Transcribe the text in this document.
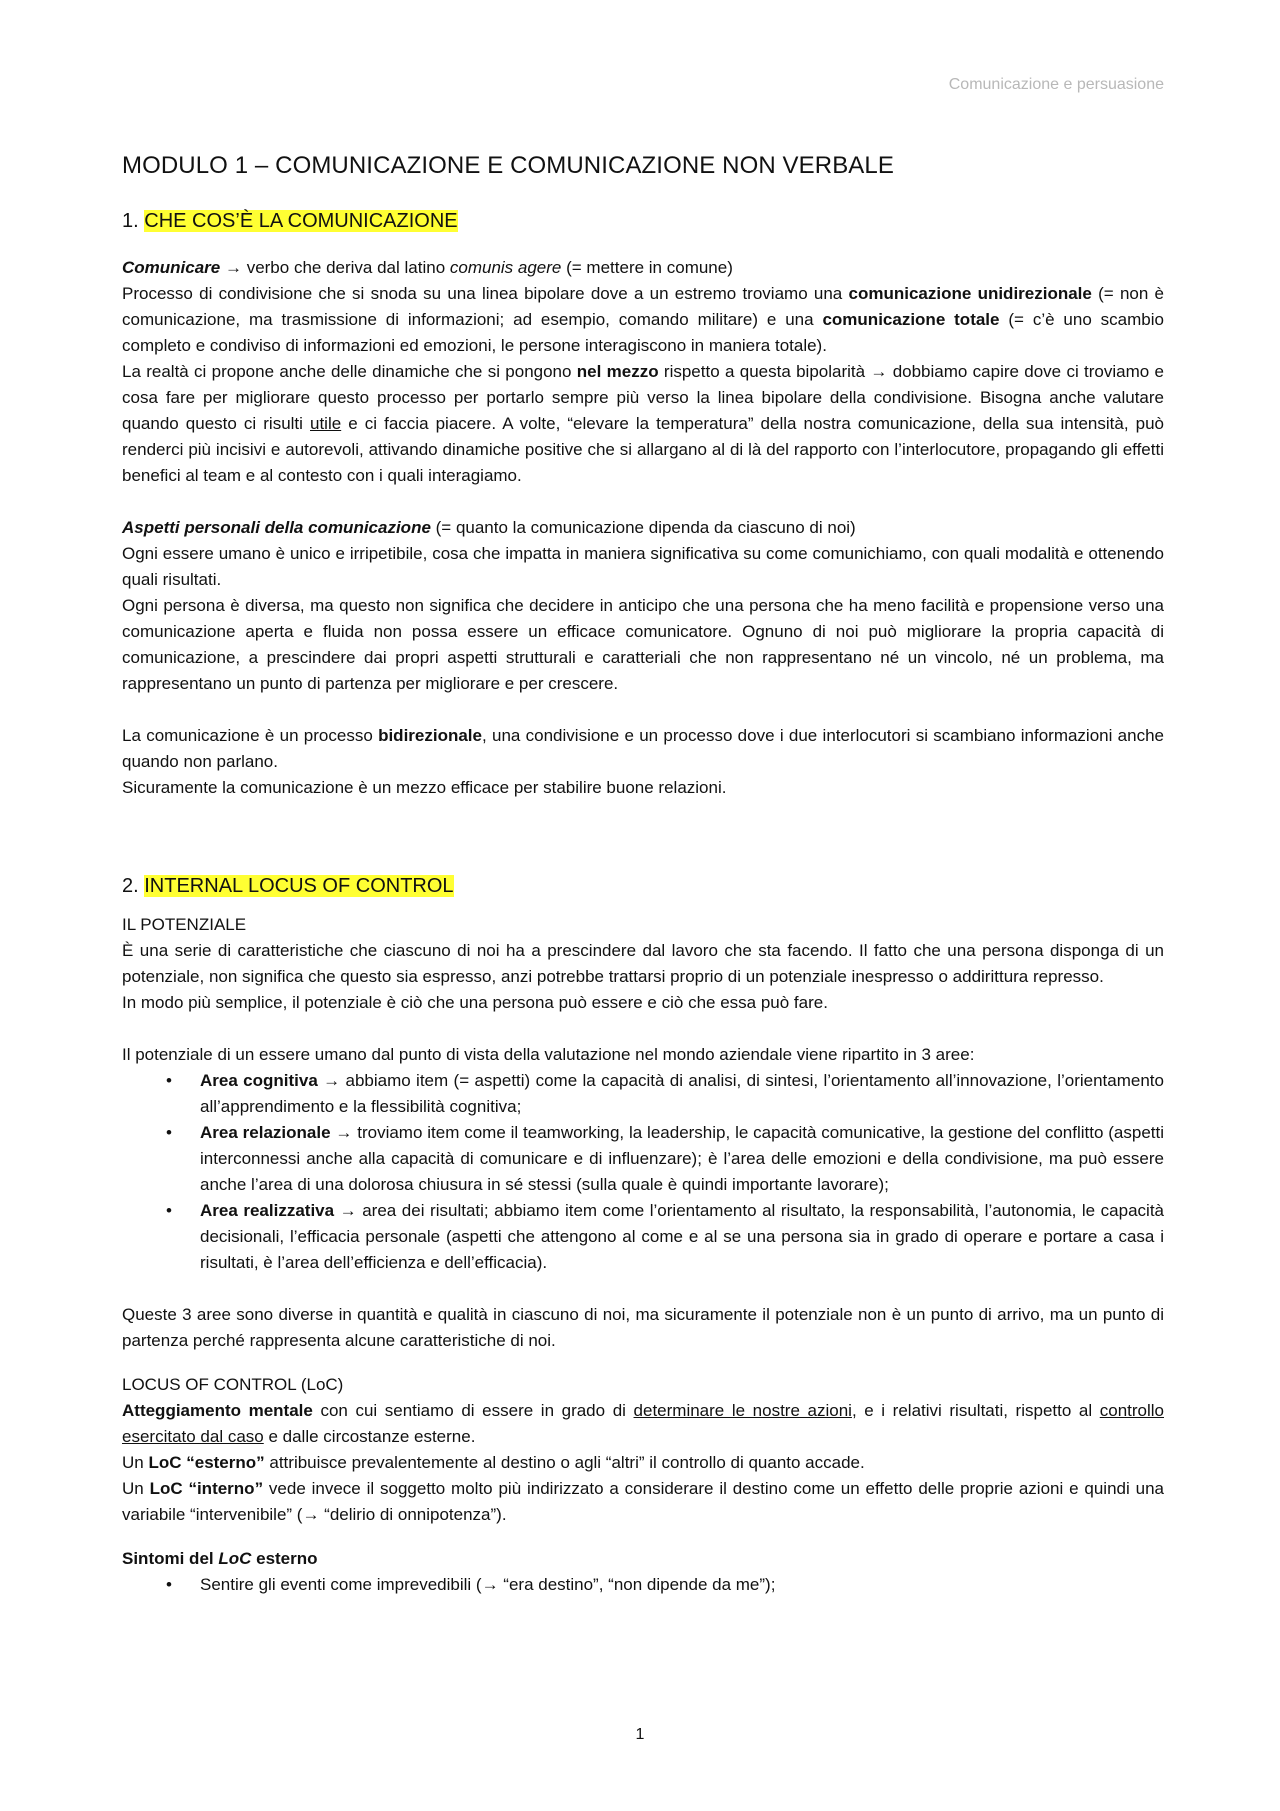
Comunicazione e persuasione
MODULO 1 – COMUNICAZIONE E COMUNICAZIONE NON VERBALE
1. CHE COS’È LA COMUNICAZIONE

Comunicare → verbo che deriva dal latino comunis agere (= mettere in comune)

Processo di condivisione che si snoda su una linea bipolare dove a un estremo troviamo una comunicazione unidirezionale (= non è comunicazione, ma trasmissione di informazioni; ad esempio, comando militare) e una comunicazione totale (= c’è uno scambio completo e condiviso di informazioni ed emozioni, le persone interagiscono in maniera totale).

La realtà ci propone anche delle dinamiche che si pongono nel mezzo rispetto a questa bipolarità → dobbiamo capire dove ci troviamo e cosa fare per migliorare questo processo per portarlo sempre più verso la linea bipolare della condivisione. Bisogna anche valutare quando questo ci risulti utile e ci faccia piacere. A volte, “elevare la temperatura” della nostra comunicazione, della sua intensità, può renderci più incisivi e autorevoli, attivando dinamiche positive che si allargano al di là del rapporto con l’interlocutore, propagando gli effetti benefici al team e al contesto con i quali interagiamo.

Aspetti personali della comunicazione (= quanto la comunicazione dipenda da ciascuno di noi)

Ogni essere umano è unico e irripetibile, cosa che impatta in maniera significativa su come comunichiamo, con quali modalità e ottenendo quali risultati.

Ogni persona è diversa, ma questo non significa che decidere in anticipo che una persona che ha meno facilità e propensione verso una comunicazione aperta e fluida non possa essere un efficace comunicatore. Ognuno di noi può migliorare la propria capacità di comunicazione, a prescindere dai propri aspetti strutturali e caratteriali che non rappresentano né un vincolo, né un problema, ma rappresentano un punto di partenza per migliorare e per crescere.

La comunicazione è un processo bidirezionale, una condivisione e un processo dove i due interlocutori si scambiano informazioni anche quando non parlano.

Sicuramente la comunicazione è un mezzo efficace per stabilire buone relazioni.

2. INTERNAL LOCUS OF CONTROL

IL POTENZIALE

È una serie di caratteristiche che ciascuno di noi ha a prescindere dal lavoro che sta facendo. Il fatto che una persona disponga di un potenziale, non significa che questo sia espresso, anzi potrebbe trattarsi proprio di un potenziale inespresso o addirittura represso.

In modo più semplice, il potenziale è ciò che una persona può essere e ciò che essa può fare.

Il potenziale di un essere umano dal punto di vista della valutazione nel mondo aziendale viene ripartito in 3 aree:

• Area cognitiva → abbiamo item (= aspetti) come la capacità di analisi, di sintesi, l’orientamento all’innovazione, l’orientamento all’apprendimento e la flessibilità cognitiva;
• Area relazionale → troviamo item come il teamworking, la leadership, le capacità comunicative, la gestione del conflitto (aspetti interconnessi anche alla capacità di comunicare e di influenzare); è l’area delle emozioni e della condivisione, ma può essere anche l’area di una dolorosa chiusura in sé stessi (sulla quale è quindi importante lavorare);
• Area realizzativa → area dei risultati; abbiamo item come l’orientamento al risultato, la responsabilità, l’autonomia, le capacità decisionali, l’efficacia personale (aspetti che attengono al come e al se una persona sia in grado di operare e portare a casa i risultati, è l’area dell’efficienza e dell’efficacia).

Queste 3 aree sono diverse in quantità e qualità in ciascuno di noi, ma sicuramente il potenziale non è un punto di arrivo, ma un punto di partenza perché rappresenta alcune caratteristiche di noi.

LOCUS OF CONTROL (LoC)

Atteggiamento mentale con cui sentiamo di essere in grado di determinare le nostre azioni, e i relativi risultati, rispetto al controllo esercitato dal caso e dalle circostanze esterne.

Un LoC “esterno” attribuisce prevalentemente al destino o agli “altri” il controllo di quanto accade.

Un LoC “interno” vede invece il soggetto molto più indirizzato a considerare il destino come un effetto delle proprie azioni e quindi una variabile “intervenibile” (→ “delirio di onnipotenza”).

Sintomi del LoC esterno

• Sentire gli eventi come imprevedibili (→ “era destino”, “non dipende da me”);
1
